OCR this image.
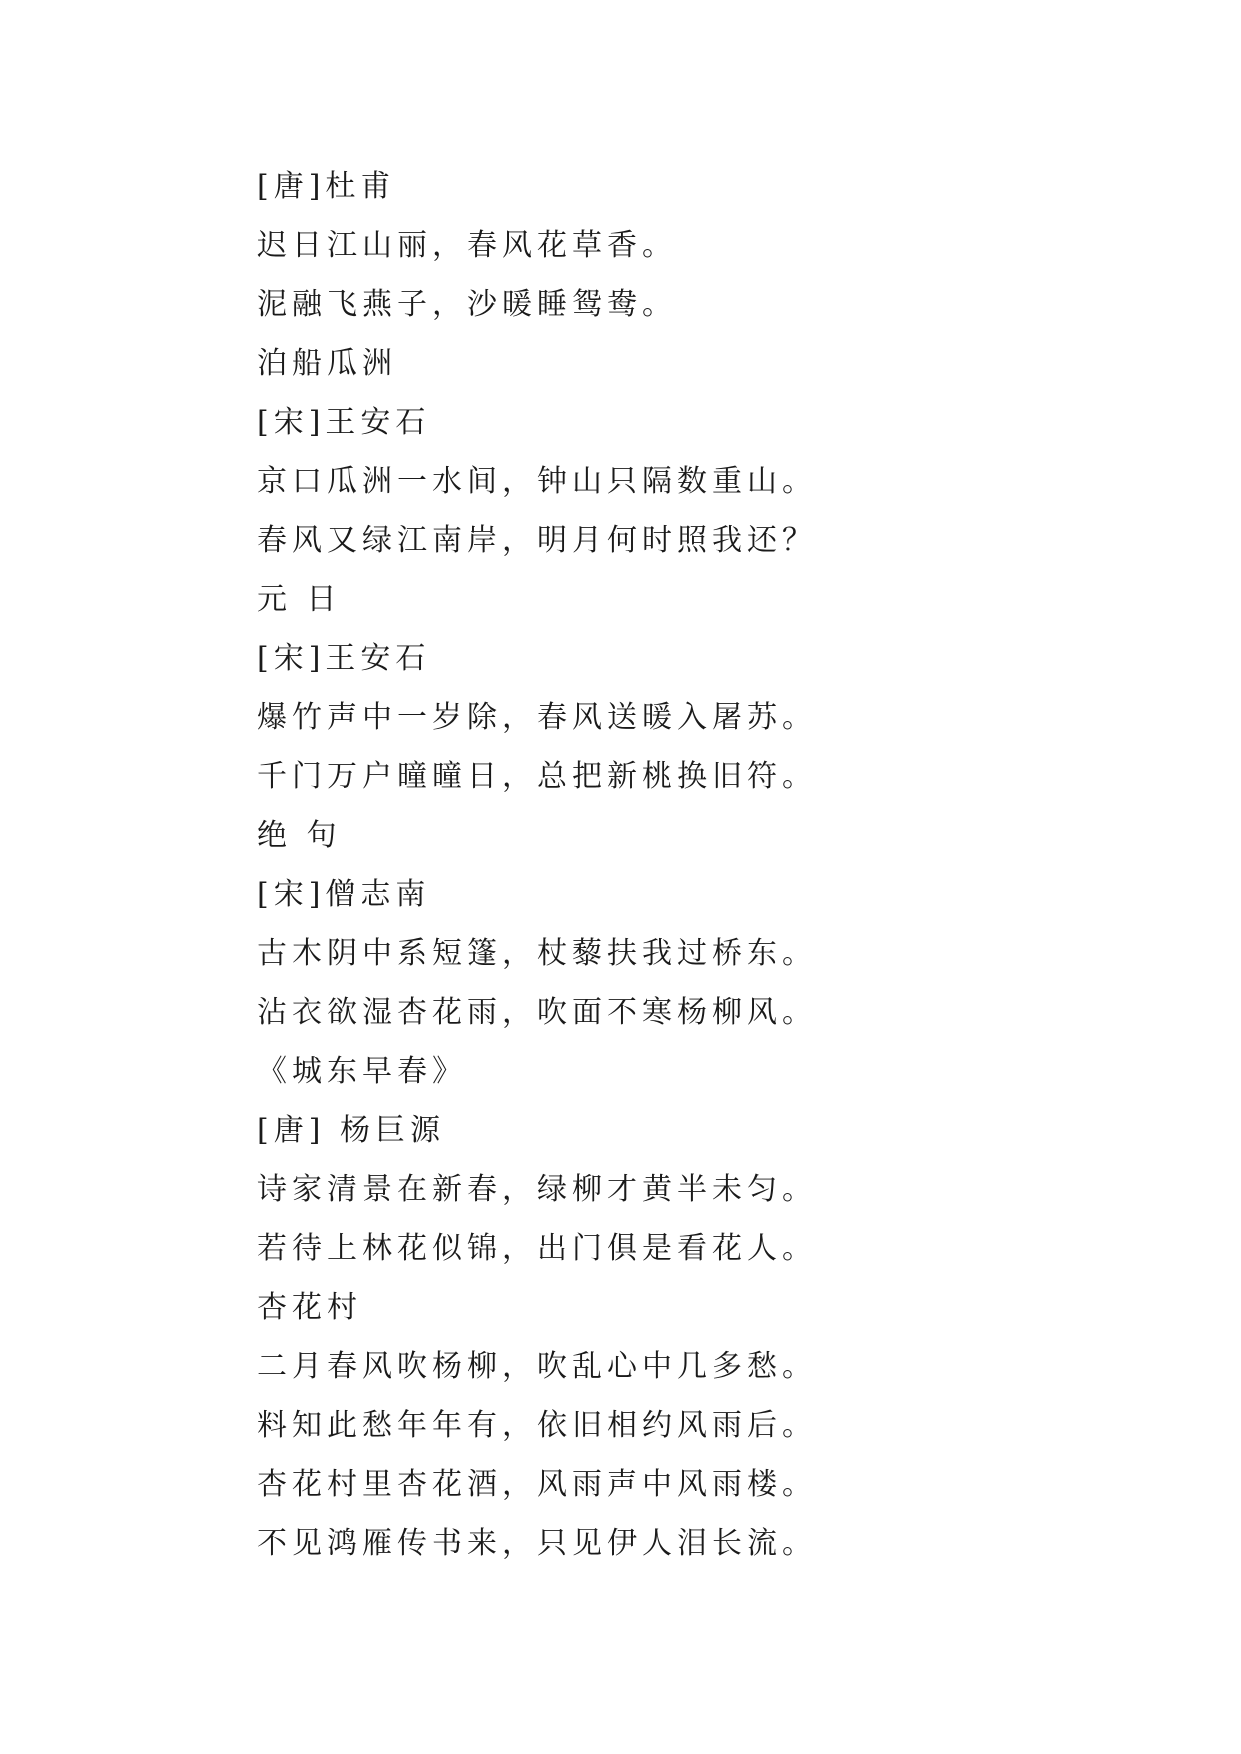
[唐]杜甫
迟日江山丽，春风花草香。
泥融飞燕子，沙暖睡鸳鸯。
泊船瓜洲
[宋]王安石
京口瓜洲一水间，钟山只隔数重山。
春风又绿江南岸，明月何时照我还？
元 日
[宋]王安石
爆竹声中一岁除，春风送暖入屠苏。
千门万户曈曈日，总把新桃换旧符。
绝 句
[宋]僧志南
古木阴中系短篷，杖藜扶我过桥东。
沾衣欲湿杏花雨，吹面不寒杨柳风。
《城东早春》
[唐] 杨巨源
诗家清景在新春，绿柳才黄半未匀。
若待上林花似锦，出门俱是看花人。
杏花村
二月春风吹杨柳，吹乱心中几多愁。
料知此愁年年有，依旧相约风雨后。
杏花村里杏花酒，风雨声中风雨楼。
不见鸿雁传书来，只见伊人泪长流。
